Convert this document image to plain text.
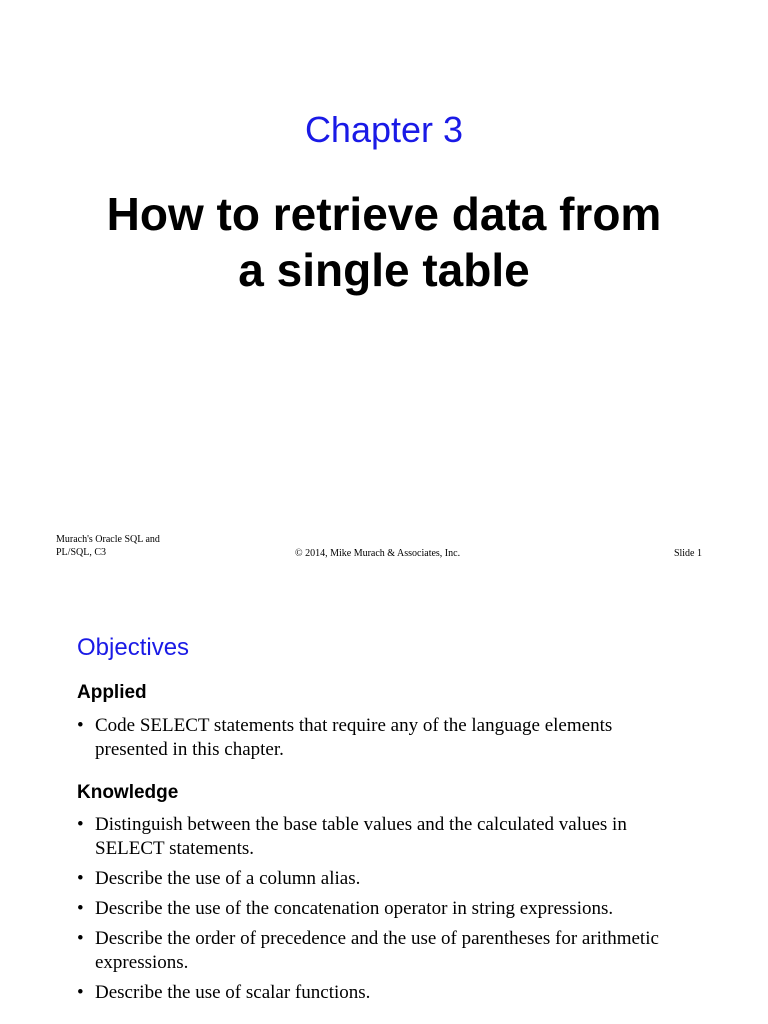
Chapter 3
How to retrieve data from
a single table
Murach's Oracle SQL and
PL/SQL, C3	© 2014, Mike Murach & Associates, Inc.	Slide 1
Objectives
Applied
• Code SELECT statements that require any of the language elements presented in this chapter.
Knowledge
• Distinguish between the base table values and the calculated values in SELECT statements.
• Describe the use of a column alias.
• Describe the use of the concatenation operator in string expressions.
• Describe the order of precedence and the use of parentheses for arithmetic expressions.
• Describe the use of scalar functions.
